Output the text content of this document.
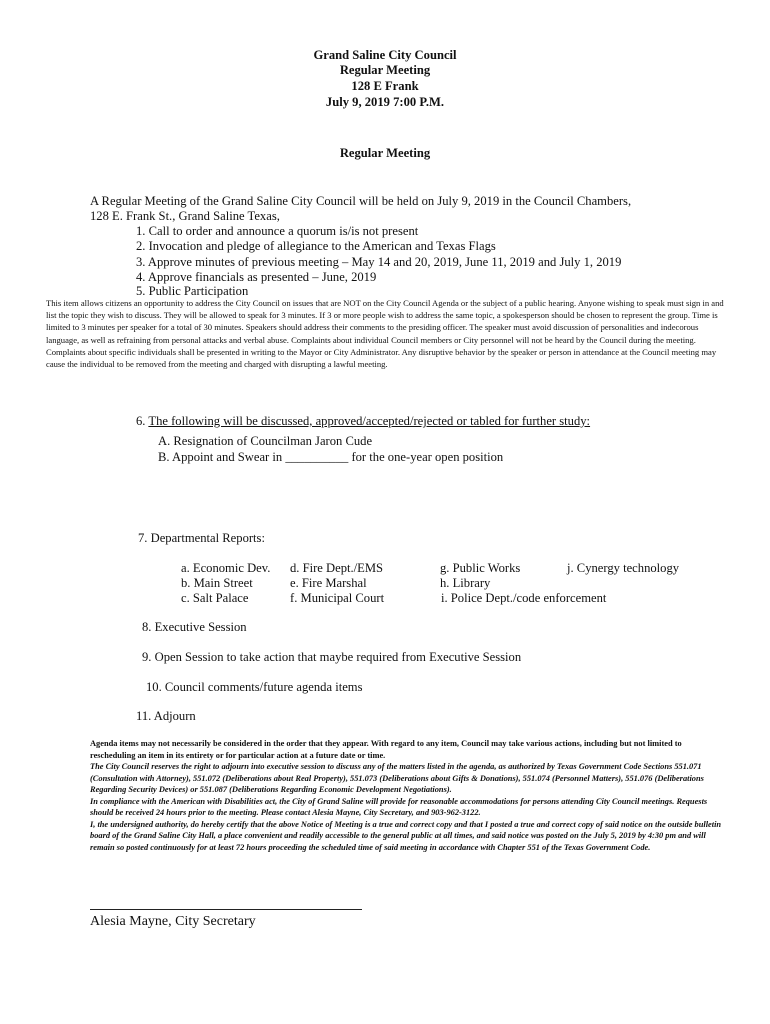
Grand Saline City Council
Regular Meeting
128 E Frank
July 9, 2019 7:00 P.M.
Regular Meeting
A Regular Meeting of the Grand Saline City Council will be held on July 9, 2019 in the Council Chambers,
128 E. Frank St., Grand Saline Texas,
1. Call to order and announce a quorum is/is not present
2. Invocation and pledge of allegiance to the American and Texas Flags
3. Approve minutes of previous meeting – May 14 and 20, 2019, June 11, 2019 and July 1, 2019
4. Approve financials as presented – June, 2019
5. Public Participation
This item allows citizens an opportunity to address the City Council on issues that are NOT on the City Council Agenda or the subject of a public hearing. Anyone wishing to speak must sign in and list the topic they wish to discuss. They will be allowed to speak for 3 minutes. If 3 or more people wish to address the same topic, a spokesperson should be chosen to represent the group. Time is limited to 3 minutes per speaker for a total of 30 minutes. Speakers should address their comments to the presiding officer. The speaker must avoid discussion of personalities and indecorous language, as well as refraining from personal attacks and verbal abuse. Complaints about individual Council members or City personnel will not be heard by the Council during the meeting. Complaints about specific individuals shall be presented in writing to the Mayor or City Administrator. Any disruptive behavior by the speaker or person in attendance at the Council meeting may cause the individual to be removed from the meeting and charged with disrupting a lawful meeting.
6. The following will be discussed, approved/accepted/rejected or tabled for further study:
A. Resignation of Councilman Jaron Cude
B. Appoint and Swear in __________ for the one-year open position
7. Departmental Reports:
a. Economic Dev.
b. Main Street
c. Salt Palace
d. Fire Dept./EMS
e. Fire Marshal
f. Municipal Court
g. Public Works
h. Library
i. Police Dept./code enforcement
j. Cynergy technology
8. Executive Session
9. Open Session to take action that maybe required from Executive Session
10. Council comments/future agenda items
11. Adjourn
Agenda items may not necessarily be considered in the order that they appear. With regard to any item, Council may take various actions, including but not limited to rescheduling an item in its entirety or for particular action at a future date or time.
The City Council reserves the right to adjourn into executive session to discuss any of the matters listed in the agenda, as authorized by Texas Government Code Sections 551.071 (Consultation with Attorney), 551.072 (Deliberations about Real Property), 551.073 (Deliberations about Gifts & Donations), 551.074 (Personnel Matters), 551.076 (Deliberations Regarding Security Devices) or 551.087 (Deliberations Regarding Economic Development Negotiations).
In compliance with the American with Disabilities act, the City of Grand Saline will provide for reasonable accommodations for persons attending City Council meetings. Requests should be received 24 hours prior to the meeting. Please contact Alesia Mayne, City Secretary, and 903-962-3122.
I, the undersigned authority, do hereby certify that the above Notice of Meeting is a true and correct copy and that I posted a true and correct copy of said notice on the outside bulletin board of the Grand Saline City Hall, a place convenient and readily accessible to the general public at all times, and said notice was posted on the July 5, 2019 by 4:30 pm and will remain so posted continuously for at least 72 hours proceeding the scheduled time of said meeting in accordance with Chapter 551 of the Texas Government Code.
Alesia Mayne, City Secretary
